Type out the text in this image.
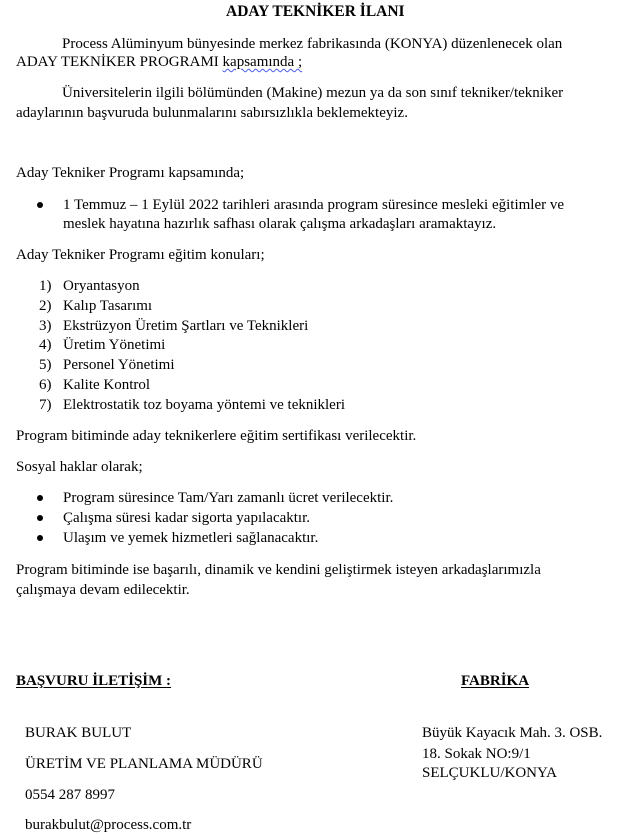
ADAY TEKNİKER İLANI
Process Alüminyum bünyesinde merkez fabrikasında (KONYA) düzenlenecek olan
ADAY TEKNİKER PROGRAMI kapsamında ;
Üniversitelerin ilgili bölümünden (Makine) mezun ya da son sınıf tekniker/tekniker
adaylarının başvuruda bulunmalarını sabırsızlıkla beklemekteyiz.
Aday Tekniker Programı kapsamında;
1 Temmuz – 1 Eylül 2022 tarihleri arasında program süresince mesleki eğitimler ve
meslek hayatına hazırlık safhası olarak çalışma arkadaşları aramaktayız.
Aday Tekniker Programı eğitim konuları;
1) Oryantasyon
2) Kalıp Tasarımı
3) Ekstrüzyon Üretim Şartları ve Teknikleri
4) Üretim Yönetimi
5) Personel Yönetimi
6) Kalite Kontrol
7) Elektrostatik toz boyama yöntemi ve teknikleri
Program bitiminde aday teknikerlere eğitim sertifikası verilecektir.
Sosyal haklar olarak;
Program süresince Tam/Yarı zamanlı ücret verilecektir.
Çalışma süresi kadar sigorta yapılacaktır.
Ulaşım ve yemek hizmetleri sağlanacaktır.
Program bitiminde ise başarılı, dinamik ve kendini geliştirmek isteyen arkadaşlarımızla
çalışmaya devam edilecektir.
BAŞVURU İLETİŞİM :
BURAK BULUT
ÜRETİM VE PLANLAMA MÜDÜRÜ
0554 287 8997
burakbulut@process.com.tr
FABRİKA
Büyük Kayacık Mah. 3. OSB.
18. Sokak NO:9/1
SELÇUKLU/KONYA
